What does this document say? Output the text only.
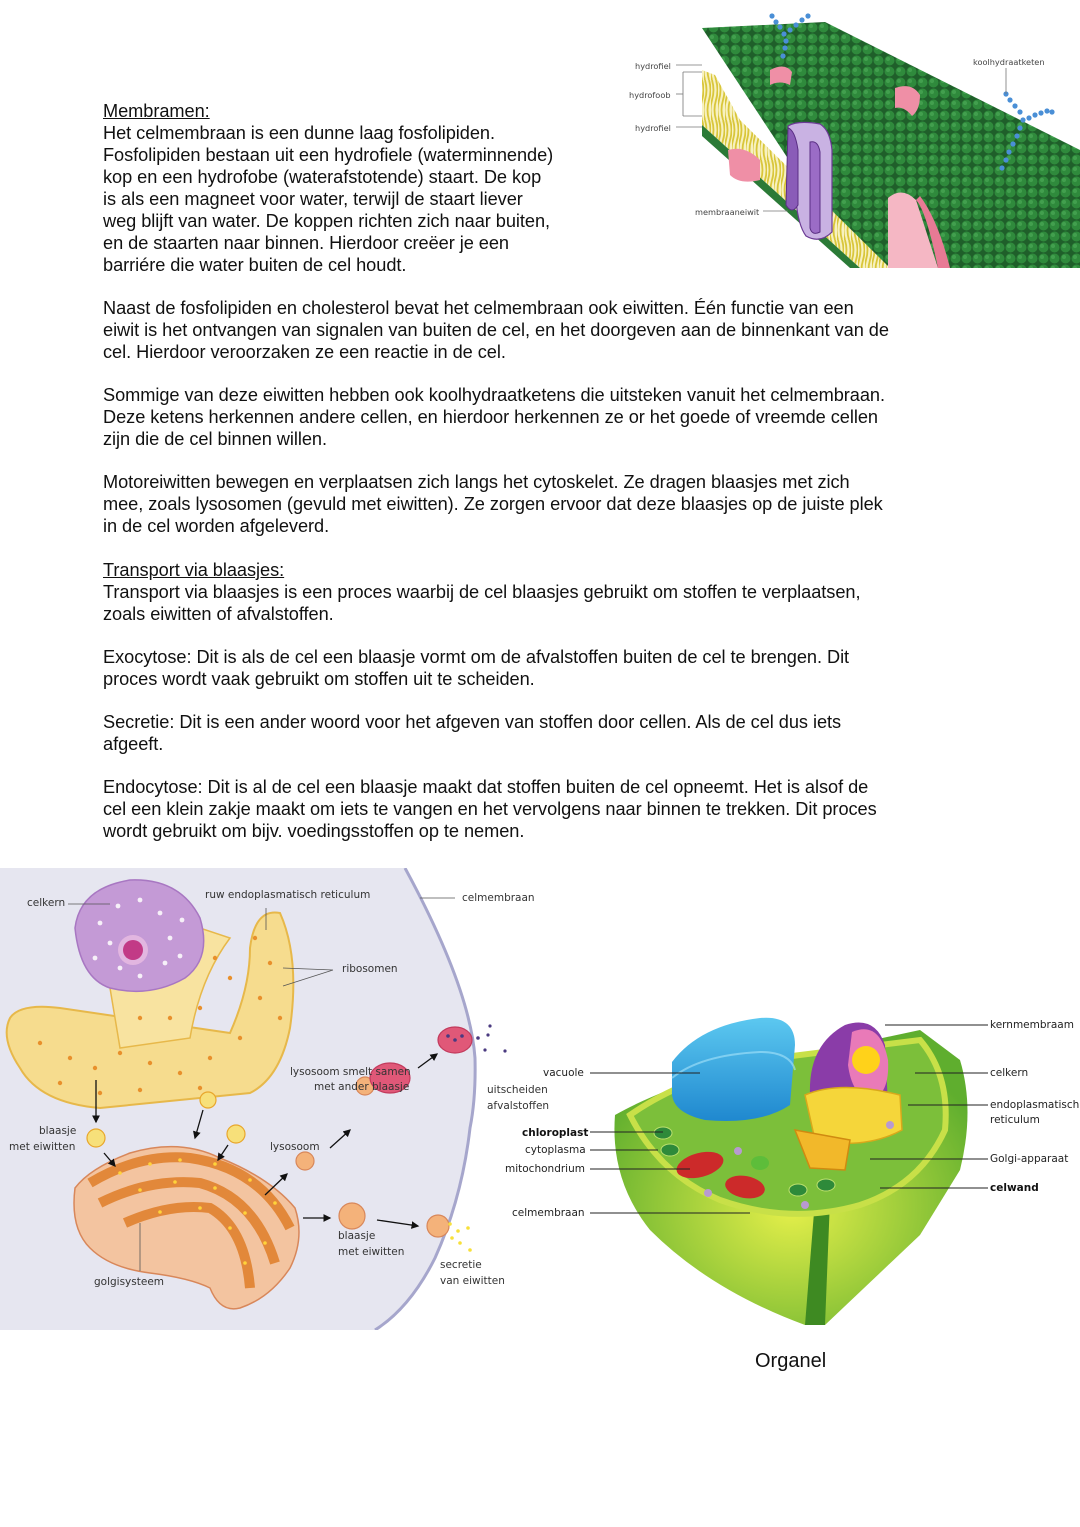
Membramen:

Het celmembraan is een dunne laag fosfolipiden.

Fosfolipiden bestaan uit een hydrofiele (waterminnende)

kop en een hydrofobe (waterafstotende) staart. De kop

is als een magneet voor water, terwijl de staart liever

weg blijft van water. De koppen richten zich naar buiten,

en de staarten naar binnen. Hierdoor creëer je een

barriére die water buiten de cel houdt.

Naast de fosfolipiden en cholesterol bevat het celmembraan ook eiwitten. Één functie van een

eiwit is het ontvangen van signalen van buiten de cel, en het doorgeven aan de binnenkant van de

cel. Hierdoor veroorzaken ze een reactie in de cel.

Sommige van deze eiwitten hebben ook koolhydraatketens die uitsteken vanuit het celmembraan.

Deze ketens herkennen andere cellen, en hierdoor herkennen ze or het goede of vreemde cellen

zijn die de cel binnen willen.

Motoreiwitten bewegen en verplaatsen zich langs het cytoskelet. Ze dragen blaasjes met zich

mee, zoals lysosomen (gevuld met eiwitten). Ze zorgen ervoor dat deze blaasjes op de juiste plek

in de cel worden afgeleverd.

Transport via blaasjes:

Transport via blaasjes is een proces waarbij de cel blaasjes gebruikt om stoffen te verplaatsen,

zoals eiwitten of afvalstoffen.

Exocytose: Dit is als de cel een blaasje vormt om de afvalstoffen buiten de cel te brengen. Dit

proces wordt vaak gebruikt om stoffen uit te scheiden.

Secretie: Dit is een ander woord voor het afgeven van stoffen door cellen. Als de cel dus iets

afgeeft.

Endocytose: Dit is al de cel een blaasje maakt dat stoffen buiten de cel opneemt. Het is alsof de

cel een klein zakje maakt om iets te vangen en het vervolgens naar binnen te trekken. Dit proces

wordt gebruikt om bijv. voedingsstoffen op te nemen.

hydrofiel
hydrofoob
hydrofiel
membraaneiwit
koolhydraatketen
celkern
ruw endoplasmatisch reticulum	celmembraan
ribosomen
lysosoom smelt samen
met ander blaasje	uitscheiden
afvalstoffen
blaasje
met eiwitten	lysosoom
blaasje
met eiwitten
secretie
van eiwitten
golgisysteem
vacuole
chloroplast
cytoplasma
mitochondrium
celmembraan
kernmembraam
celkern
endoplasmatisch
reticulum
Golgi-apparaat
celwand
Organel
